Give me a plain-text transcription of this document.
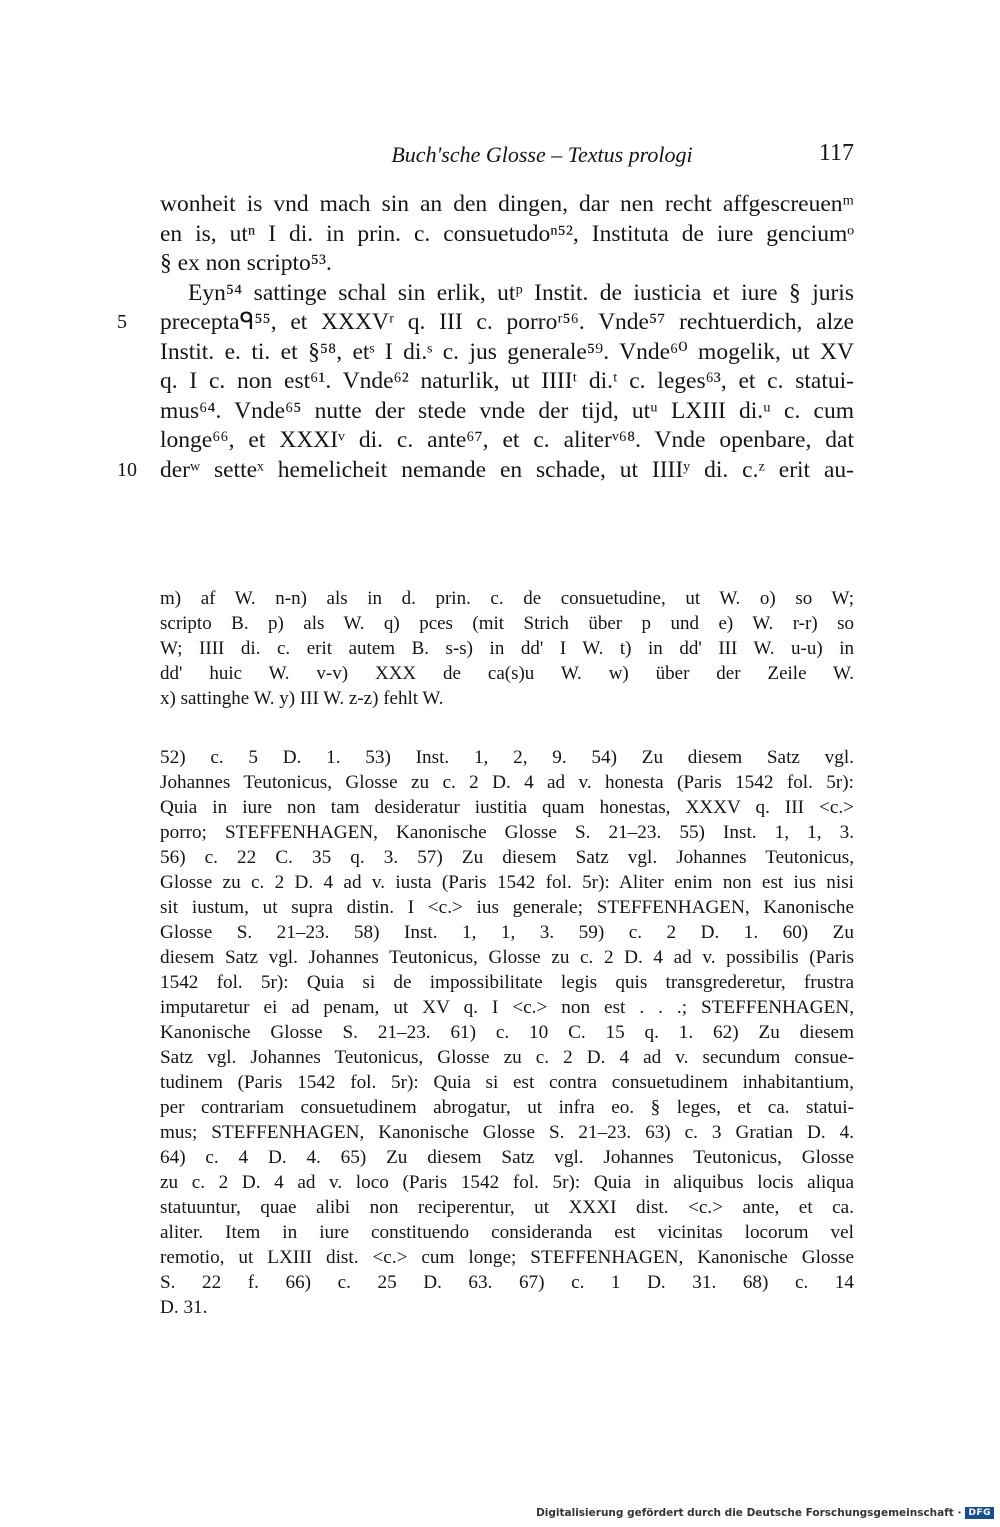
Buch'sche Glosse – Textus prologi	117
wonheit is vnd mach sin an den dingen, dar nen recht affgescreuenᵐ
en is, utⁿ I di. in prin. c. consuetudoⁿ⁵², Instituta de iure genciumᵒ
§ ex non scripto⁵³.
Eyn⁵⁴ sattinge schal sin erlik, utᵖ Instit. de iusticia et iure § juris
5	preceptaᑫ⁵⁵, et XXXVʳ q. III c. porroʳ⁵⁶. Vnde⁵⁷ rechtuerdich, alze
Instit. e. ti. et §⁵⁸, etˢ I di.ˢ c. jus generale⁵⁹. Vnde⁶⁰ mogelik, ut XV
q. I c. non est⁶¹. Vnde⁶² naturlik, ut IIIIᵗ di.ᵗ c. leges⁶³, et c. statui-
mus⁶⁴. Vnde⁶⁵ nutte der stede vnde der tijd, utᵘ LXIII di.ᵘ c. cum
longe⁶⁶, et XXXIᵛ di. c. ante⁶⁷, et c. aliterᵛ⁶⁸. Vnde openbare, dat
10 derʷ setteˣ hemelicheit nemande en schade, ut IIIIʸ di. c.ᶻ erit au-
m) af W. n-n) als in d. prin. c. de consuetudine, ut W. o) so W;
scripto B. p) als W. q) pces (mit Strich über p und e) W. r-r) so
W; IIII di. c. erit autem B. s-s) in dd' I W. t) in dd' III W. u-u) in
dd' huic W. v-v) XXX de ca(s)u W. w) über der Zeile W.
x) sattinghe W. y) III W. z-z) fehlt W.
52) c. 5 D. 1. 53) Inst. 1, 2, 9. 54) Zu diesem Satz vgl.
Johannes Teutonicus, Glosse zu c. 2 D. 4 ad v. honesta (Paris 1542 fol. 5r):
Quia in iure non tam desideratur iustitia quam honestas, XXXV q. III <c.>
porro; STEFFENHAGEN, Kanonische Glosse S. 21–23. 55) Inst. 1, 1, 3.
56) c. 22 C. 35 q. 3. 57) Zu diesem Satz vgl. Johannes Teutonicus,
Glosse zu c. 2 D. 4 ad v. iusta (Paris 1542 fol. 5r): Aliter enim non est ius nisi
sit iustum, ut supra distin. I <c.> ius generale; STEFFENHAGEN, Kanonische
Glosse S. 21–23. 58) Inst. 1, 1, 3. 59) c. 2 D. 1. 60) Zu
diesem Satz vgl. Johannes Teutonicus, Glosse zu c. 2 D. 4 ad v. possibilis (Paris
1542 fol. 5r): Quia si de impossibilitate legis quis transgrederetur, frustra
imputaretur ei ad penam, ut XV q. I <c.> non est . . .; STEFFENHAGEN,
Kanonische Glosse S. 21–23. 61) c. 10 C. 15 q. 1. 62) Zu diesem
Satz vgl. Johannes Teutonicus, Glosse zu c. 2 D. 4 ad v. secundum consue-
tudinem (Paris 1542 fol. 5r): Quia si est contra consuetudinem inhabitantium,
per contrariam consuetudinem abrogatur, ut infra eo. § leges, et ca. statui-
mus; STEFFENHAGEN, Kanonische Glosse S. 21–23. 63) c. 3 Gratian D. 4.
64) c. 4 D. 4. 65) Zu diesem Satz vgl. Johannes Teutonicus, Glosse
zu c. 2 D. 4 ad v. loco (Paris 1542 fol. 5r): Quia in aliquibus locis aliqua
statuuntur, quae alibi non reciperentur, ut XXXI dist. <c.> ante, et ca.
aliter. Item in iure constituendo consideranda est vicinitas locorum vel
remotio, ut LXIII dist. <c.> cum longe; STEFFENHAGEN, Kanonische Glosse
S. 22 f. 66) c. 25 D. 63. 67) c. 1 D. 31. 68) c. 14
D. 31.
Digitalisierung gefördert durch die Deutsche Forschungsgemeinschaft · DFG
